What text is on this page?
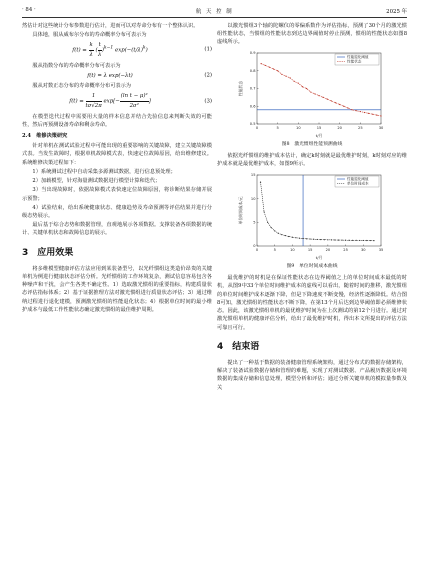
· 84 ·	航 天 控 制	2025 年

然估计对这些统计分布参数进行估计，进而可以对寿命分布有一个整体认识。

具体地，服从威布尔分布的寿命概率分布可表示为

$f(t) = \frac{k}{\lambda}$ ( $\frac{t}{\lambda} )^{k-1}$ $\exp(-(t/\lambda)^k)$	(1)

服从指数分布的寿命概率分布可表示为

f(t) = λ exp(−λt)	(2)

服从对数正态分布的寿命概率分布可表示为

$f(t) = \frac{1}{t\sigma√2\pi} \exp[- \frac{\text{(ln t − μ)²}}{\text{2σ²}}$ ]	(3)

在模型迭代过程中需要用大量的样本信息并结合先验信息来判断失效的可能性，然后再预测设备寿命和剩余寿命。

2.4　维修决策研究

针对单机在测试试验过程中可能出现的重要影响的关键故障，建立关键故障模式表。当发生故障时，根据单机故障模式表，快速定位故障原因，给出维修建议。系统维修决策过程如下：

1）系统测试过程中自动采集多源测试数据，进行信息预处理；

2）加载模型，针对海量测试数据进行模型计算和迭代；

3）当出现故障时，依据故障模式表快速定位故障原因，将诊断结果存储并展示预警；

4）试验结束，给出系统健康状态、健康趋势及寿命预测等评估结果并进行分级态势展示。

最后基于综合态势和数据管理，直观地展示各项数据。支撑装备各项数据的统计、关键单机状态和故障信息的展示。

3　应用效果

将多维模型健康评估方法应用到某装备型号，以光纤惯组这类造价昂贵的关键单机为例进行健康状态评估分析。光纤惯组的工作环境复杂，测试信息容易包含各种噪声和干扰，会产生各类不确定性。1）选取激光惯组的重要指标，构建质量状态评估指标体系；2）基于证据推理方法对激光惯组进行质量状态评估；3）通过维纳过程进行退化建模，预测激光惯组的性能退化状态；4）根据单位时间的最小维护成本与最低工作性能状态确定激光惯组的最佳维护周期。

以激光惯组3个轴的陀螺仪的零偏系数作为评估指标，预测了30个月的激光惯组性能状态，当惯组的性能状态到达边界阈值时停止预测，惯组的性能状态如图8虚线所示。

0	5	10	15	20	25	30
0.5
0.6
0.7
0.8
0.9
t/月
性能状态
性能退化阈值
性能状态

图8　激光惯组性能预测曲线

依据光纤惯组的维护成本估计，确定k时刻就是最优维护时刻，k时刻对应的维护成本就是最优维护成本，如图9所示。

0	5	10	15	20	25	30	35
0
5
10
15
t/月
单位时间成本/元
性能退化阈值
单位时间成本

图9　单位时间成本曲线

最优维护的时机是在保证性能状态在边界阈值之上的单位时间成本最低的时机，从图9中33个单位时间维护成本的虚线可以看出，随着时间的推移，激光惯组的单位时间维护成本逐渐下降，但是下降速度不断变慢，经济性逐渐降低。结合图8可知，激光惯组的性能状态不断下降，在第13个月后达到边界阈值即必须维修状态。因此，该激光惯组单机的最优维护时间为在上次测试的第12个月进行。通过对激光惯组单机的健康评估分析，给出了最优维护时机，得出本文所提出的评估方法可靠且可行。

4　结束语

提出了一种基于数据的装备健康管理系统架构，通过分布式的数据存储架构，解决了装备试验数据存储和管理的难题，实现了对测试数据、产品履历数据及环境数据的集成存储和信息处理，模型分析和评估；通过分析关键单机的模拟量参数及关
